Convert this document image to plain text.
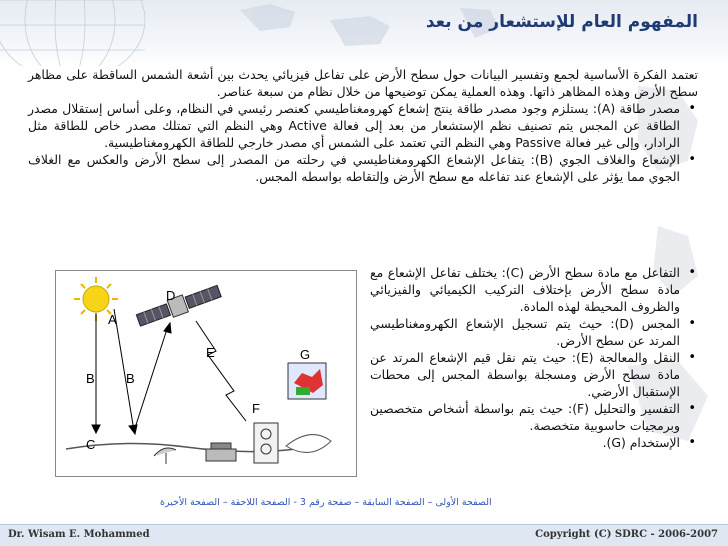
المفهوم العام للإستشعار من بعد

تعتمد الفكرة الأساسية لجمع وتفسير البيانات حول سطح الأرض على تفاعل فيزيائي يحدث بين أشعة الشمس الساقطة على مظاهر سطح الأرض وهذه المظاهر ذاتها. وهذه العملية يمكن توضيحها من خلال نظام من سبعة عناصر.

• مصدر طاقة (A): يستلزم وجود مصدر طاقة ينتج إشعاع كهرومغناطيسي كعنصر رئيسي في النظام، وعلى أساس إستقلال مصدر الطاقة عن المجس يتم تصنيف نظم الإستشعار من بعد إلى فعالة Active وهي النظم التي تمتلك مصدر خاص للطاقة مثل الرادار، وإلى غير فعالة Passive وهي النظم التي تعتمد على الشمس أي مصدر خارجي للطاقة الكهرومغناطيسية.

• الإشعاع والغلاف الجوي (B): يتفاعل الإشعاع الكهرومغناطيسي في رحلته من المصدر إلى سطح الأرض والعكس مع الغلاف الجوي مما يؤثر على الإشعاع عند تفاعله مع سطح الأرض وإلتقاطه بواسطه المجس.

A
B B
C
D
E
F
G

• التفاعل مع مادة سطح الأرض (C): يختلف تفاعل الإشعاع مع مادة سطح الأرض بإختلاف التركيب الكيميائي والفيزيائي والظروف المحيطة لهذه المادة.

• المجس (D): حيث يتم تسجيل الإشعاع الكهرومغناطيسي المرتد عن سطح الأرض.

• النقل والمعالجة (E): حيث يتم نقل قيم الإشعاع المرتد عن مادة سطح الأرض ومسجلة بواسطة المجس إلى محطات الإستقبال الأرضي.

• التفسير والتحليل (F): حيث يتم بواسطة أشخاص متخصصين وبرمجيات حاسوبية متخصصة.

• الإستخدام (G).

الصفحة الأولى – الصفحة السابقة – صفحة رقم 3 - الصفحة اللاحقة – الصفحة الأخيرة
Dr. Wisam E. Mohammed	Copyright (C) SDRC - 2006-2007
